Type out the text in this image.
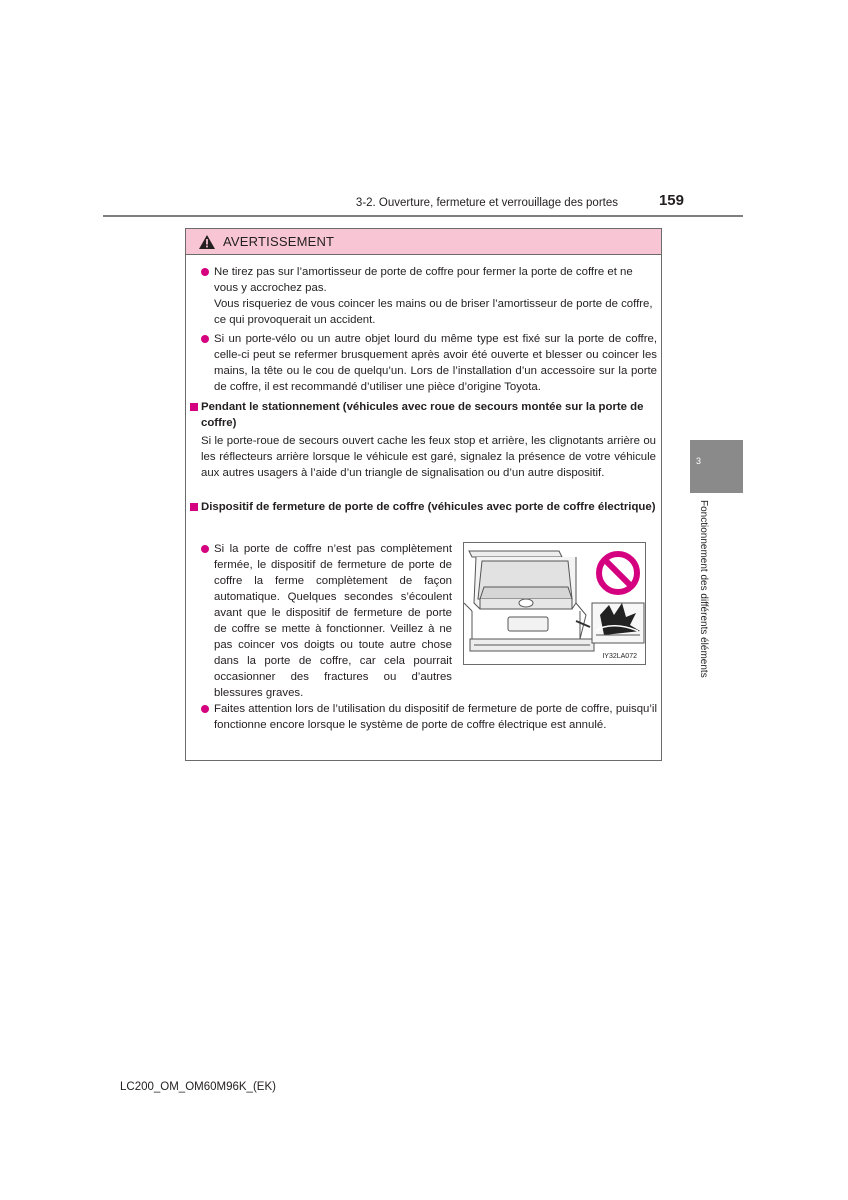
3-2. Ouverture, fermeture et verrouillage des portes	159
3
Fonctionnement des différents éléments
AVERTISSEMENT
Ne tirez pas sur l’amortisseur de porte de coffre pour fermer la porte de coffre et ne vous y accrochez pas.
Vous risqueriez de vous coincer les mains ou de briser l’amortisseur de porte de coffre, ce qui provoquerait un accident.
Si un porte-vélo ou un autre objet lourd du même type est fixé sur la porte de coffre, celle-ci peut se refermer brusquement après avoir été ouverte et blesser ou coincer les mains, la tête ou le cou de quelqu’un. Lors de l’installation d’un accessoire sur la porte de coffre, il est recommandé d’utiliser une pièce d’origine Toyota.
Pendant le stationnement (véhicules avec roue de secours montée sur la porte de coffre)
Si le porte-roue de secours ouvert cache les feux stop et arrière, les clignotants arrière ou les réflecteurs arrière lorsque le véhicule est garé, signalez la présence de votre véhicule aux autres usagers à l’aide d’un triangle de signalisation ou d’un autre dispositif.
Dispositif de fermeture de porte de coffre (véhicules avec porte de coffre électrique)
Si la porte de coffre n’est pas complètement fermée, le dispositif de fermeture de porte de coffre la ferme complètement de façon automatique. Quelques secondes s’écoulent avant que le dispositif de fermeture de porte de coffre se mette à fonctionner. Veillez à ne pas coincer vos doigts ou toute autre chose dans la porte de coffre, car cela pourrait occasionner des fractures ou d’autres blessures graves.
IY32LA072
Faites attention lors de l’utilisation du dispositif de fermeture de porte de coffre, puisqu’il fonctionne encore lorsque le système de porte de coffre électrique est annulé.
LC200_OM_OM60M96K_(EK)
